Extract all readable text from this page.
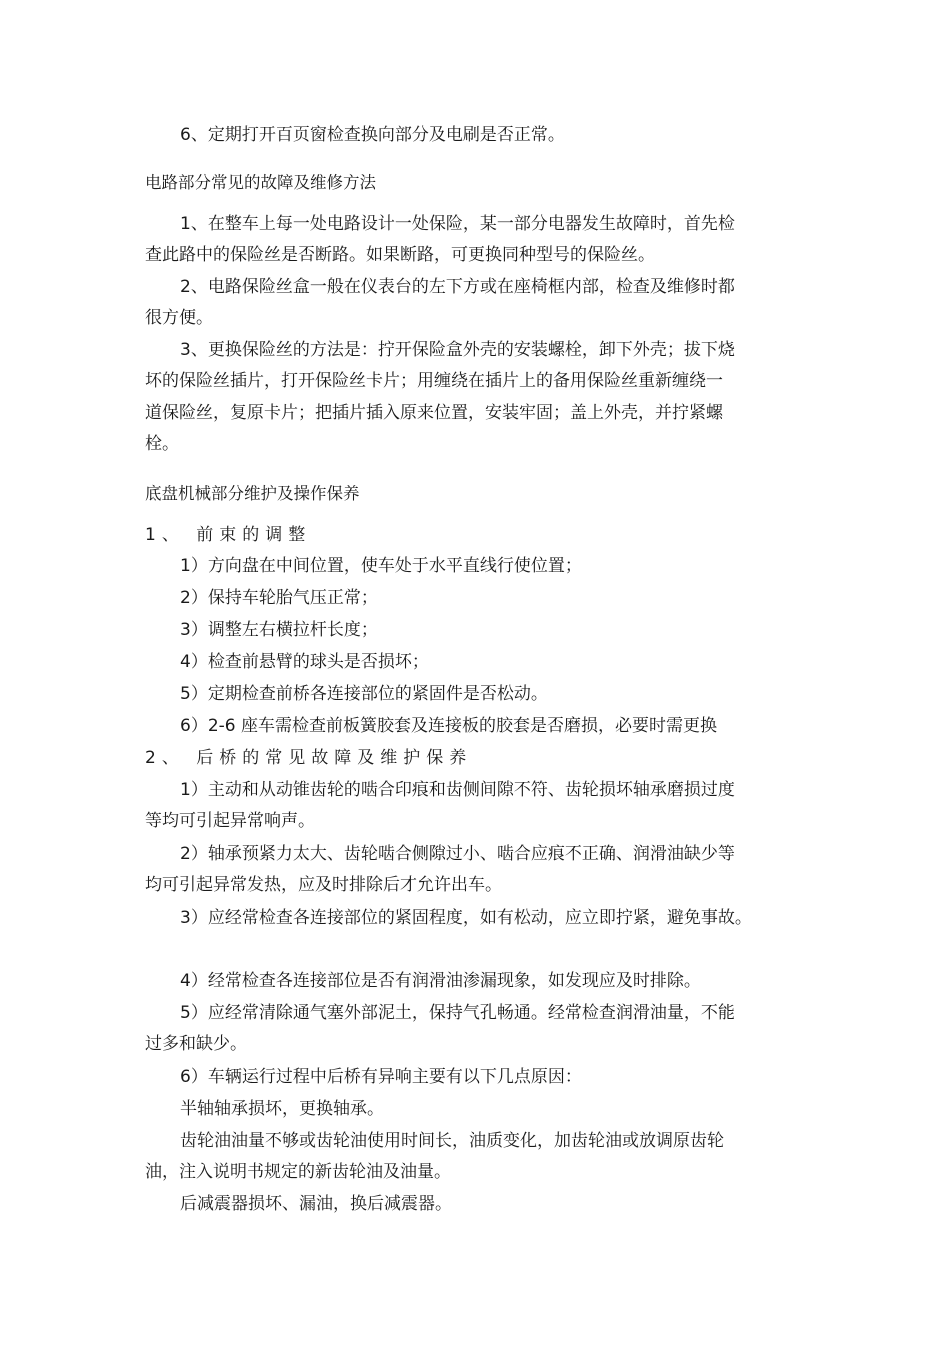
6、定期打开百页窗检查换向部分及电刷是否正常。

电路部分常见的故障及维修方法

1、在整车上每一处电路设计一处保险，某一部分电器发生故障时，首先检

查此路中的保险丝是否断路。如果断路，可更换同种型号的保险丝。

2、电路保险丝盒一般在仪表台的左下方或在座椅框内部，检查及维修时都

很方便。

3、更换保险丝的方法是：拧开保险盒外壳的安装螺栓，卸下外壳；拔下烧

坏的保险丝插片，打开保险丝卡片；用缠绕在插片上的备用保险丝重新缠绕一

道保险丝，复原卡片；把插片插入原来位置，安装牢固；盖上外壳，并拧紧螺

栓。

底盘机械部分维护及操作保养

1、 前束的调整

1）方向盘在中间位置，使车处于水平直线行使位置；

2）保持车轮胎气压正常；

3）调整左右横拉杆长度；

4）检查前悬臂的球头是否损坏；

5）定期检查前桥各连接部位的紧固件是否松动。

6）2-6 座车需检查前板簧胶套及连接板的胶套是否磨损，必要时需更换

2、 后桥的常见故障及维护保养

1）主动和从动锥齿轮的啮合印痕和齿侧间隙不符、齿轮损坏轴承磨损过度

等均可引起异常响声。

2）轴承预紧力太大、齿轮啮合侧隙过小、啮合应痕不正确、润滑油缺少等

均可引起异常发热，应及时排除后才允许出车。

3）应经常检查各连接部位的紧固程度，如有松动，应立即拧紧，避免事故。

4）经常检查各连接部位是否有润滑油渗漏现象，如发现应及时排除。

5）应经常清除通气塞外部泥土，保持气孔畅通。经常检查润滑油量，不能

过多和缺少。

6）车辆运行过程中后桥有异响主要有以下几点原因：

半轴轴承损坏，更换轴承。

齿轮油油量不够或齿轮油使用时间长，油质变化，加齿轮油或放调原齿轮

油，注入说明书规定的新齿轮油及油量。

后减震器损坏、漏油，换后减震器。
